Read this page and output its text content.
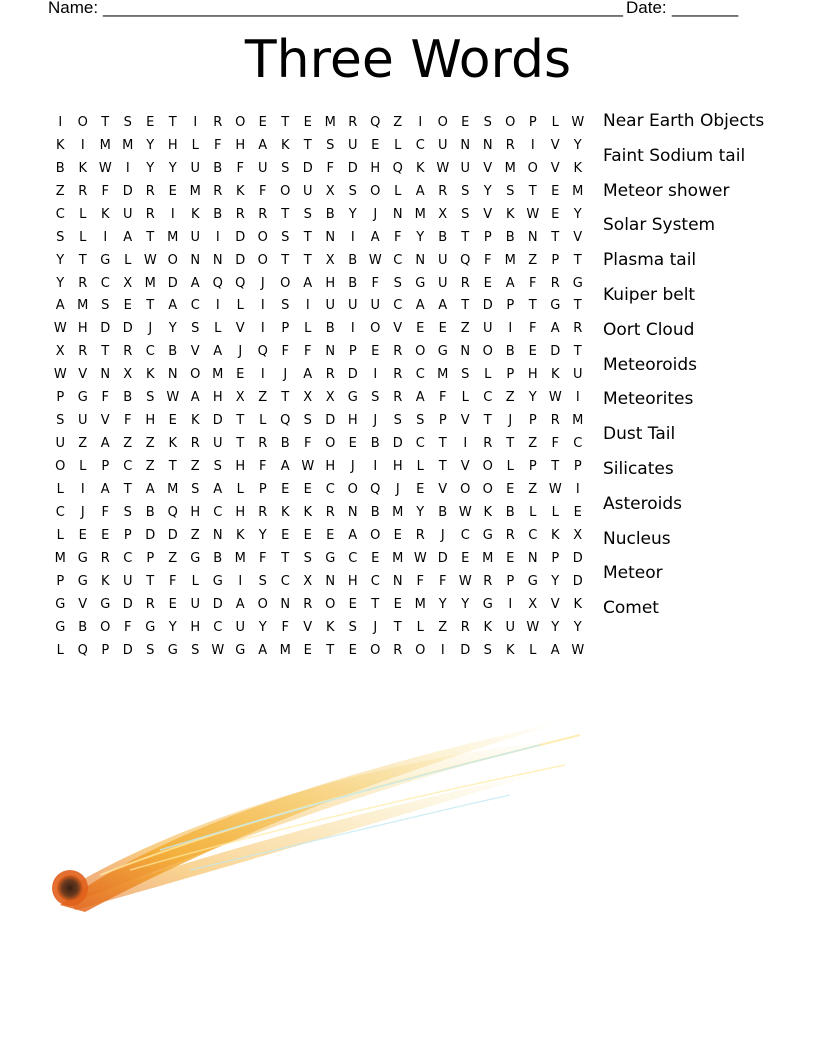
Name: _______________________________________________________ Date: _______
Three Words
I	O	T	S	E	T	I	R O	E	T	E M R Q Z	I	O	E	S	O	P	L W
K	I	M M Y	H	L	F	H	A	K	T	S	U	E	L	C	U N N	R	I	V	Y
B	K W	I	Y	Y	U	B	F	U	S	D	F	D H Q	K W U	V M O V	K
Z	R	F	D R	E M R	K	F	O U	X	S	O	L	A	R	S	Y	S	T	E M
C	L	K	U	R	I	K	B	R	R	T	S	B	Y	J	N M X	S	V	K W E	Y
S	L	I	A	T M U	I	D O	S	T	N	I	A	F	Y	B	T	P	B	N	T	V
Y	T	G	L W O N N D O	T	T	X	B W C	N U Q	F	M Z	P	T
Y	R	C	X M D	A Q Q	J	O A	H	B	F	S	G U	R	E	A	F	R G
A M S	E	T	A	C	I	L	I	S	I	U U U	C	A	A	T	D	P	T	G	T
W H D D	J	Y	S	L	V	I	P	L	B	I	O V	E	E	Z	U	I	F	A	R
X	R	T	R	C	B	V	A	J	Q	F	F	N	P	E	R O G N O B	E	D	T
W V	N	X	K	N O M E	I	J	A	R D	I	R	C M S	L	P	H	K	U
P	G	F	B	S W A	H	X	Z	T	X	X	G	S	R	A	F	L	C	Z	Y W	I
S	U	V	F	H	E	K	D	T	L	Q	S	D H	J	S	S	P	V	T	J	P	R M
U	Z	A	Z	Z	K	R	U	T	R	B	F	O	E	B	D C	T	I	R	T	Z	F	C
O	L	P	C	Z	T	Z	S	H	F	A W H	J	I	H	L	T	V O	L	P	T	P
L	I	A	T	A M S	A	L	P	E	E	C O Q	J	E	V O O	E	Z W	I
C	J	F	S	B Q H	C	H	R	K	K	R	N	B M Y	B W K	B	L	L	E
L	E	E	P	D D	Z	N	K	Y	E	E	E	A O	E	R	J	C G R	C	K	X
M G R	C	P	Z	G	B M	F	T	S	G C	E M W D	E M E	N	P	D
P	G	K	U	T	F	L	G	I	S	C	X	N H	C	N	F	F W R	P	G	Y	D
G	V	G D R	E	U D	A O N	R O	E	T	E M Y	Y	G	I	X	V	K
G	B O	F	G	Y	H	C	U	Y	F	V	K	S	J	T	L	Z	R	K	U W Y	Y
L	Q	P	D	S	G	S W G	A M E	T	E	O R O	I	D	S	K	L	A W
Near Earth Objects
Faint Sodium tail
Meteor shower
Solar System
Plasma tail
Kuiper belt
Oort Cloud
Meteoroids
Meteorites
Dust Tail
Silicates
Asteroids
Nucleus
Meteor
Comet
